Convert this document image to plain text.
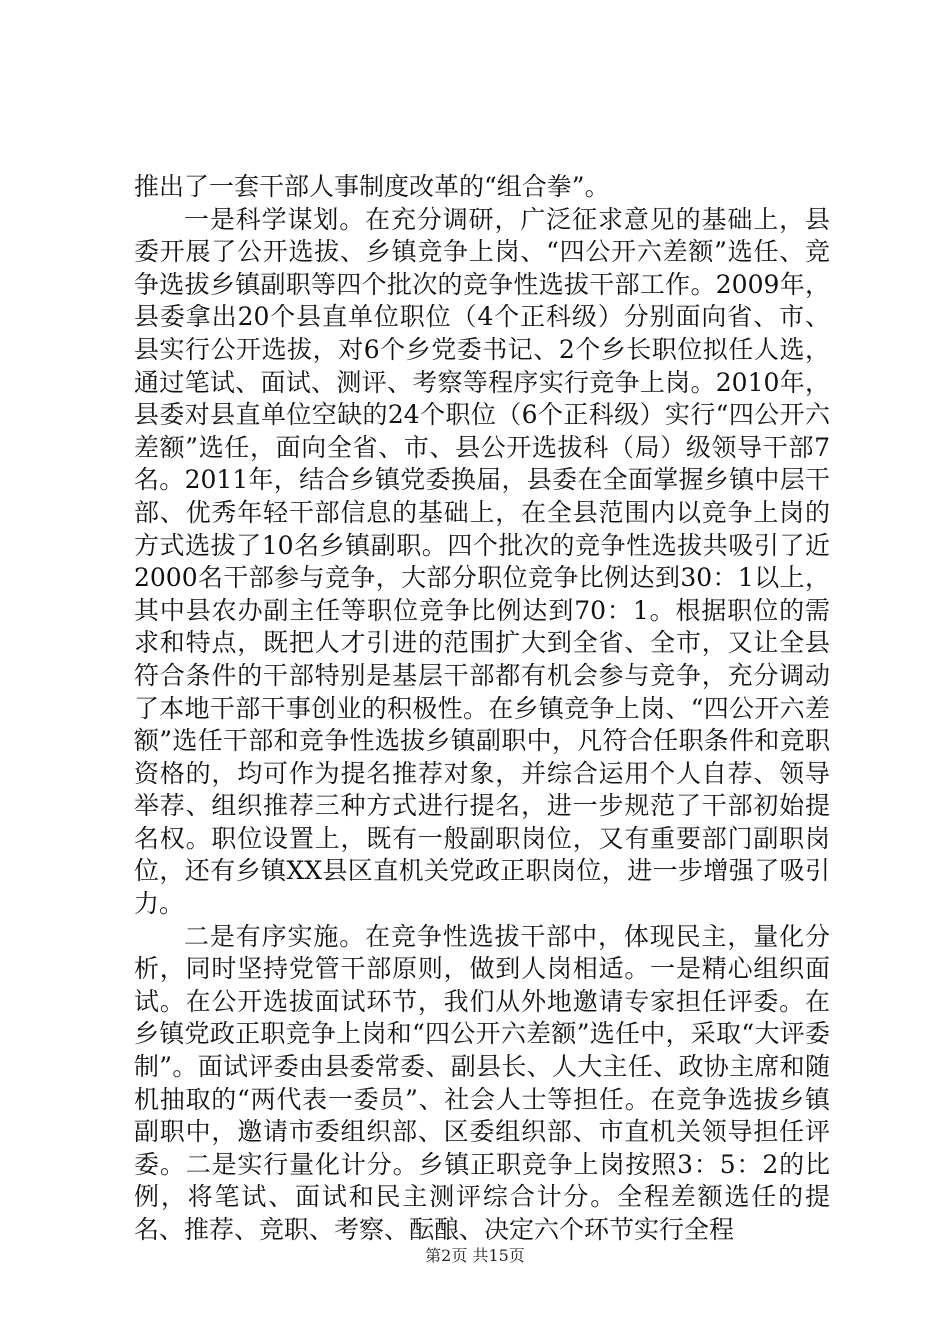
推出了一套干部人事制度改革的“组合拳”。

一是科学谋划。在充分调研，广泛征求意见的基础上，县委开展了公开选拔、乡镇竞争上岗、“四公开六差额”选任、竞争选拔乡镇副职等四个批次的竞争性选拔干部工作。2009年，县委拿出20个县直单位职位（4个正科级）分别面向省、市、县实行公开选拔，对6个乡党委书记、2个乡长职位拟任人选，通过笔试、面试、测评、考察等程序实行竞争上岗。2010年，县委对县直单位空缺的24个职位（6个正科级）实行“四公开六差额”选任，面向全省、市、县公开选拔科（局）级领导干部7名。2011年，结合乡镇党委换届，县委在全面掌握乡镇中层干部、优秀年轻干部信息的基础上，在全县范围内以竞争上岗的方式选拔了10名乡镇副职。四个批次的竞争性选拔共吸引了近2000名干部参与竞争，大部分职位竞争比例达到30：1以上，其中县农办副主任等职位竞争比例达到70：1。根据职位的需求和特点，既把人才引进的范围扩大到全省、全市，又让全县符合条件的干部特别是基层干部都有机会参与竞争，充分调动了本地干部干事创业的积极性。在乡镇竞争上岗、“四公开六差额”选任干部和竞争性选拔乡镇副职中，凡符合任职条件和竞职资格的，均可作为提名推荐对象，并综合运用个人自荐、领导举荐、组织推荐三种方式进行提名，进一步规范了干部初始提名权。职位设置上，既有一般副职岗位，又有重要部门副职岗位，还有乡镇XX县区直机关党政正职岗位，进一步增强了吸引力。

二是有序实施。在竞争性选拔干部中，体现民主，量化分析，同时坚持党管干部原则，做到人岗相适。一是精心组织面试。在公开选拔面试环节，我们从外地邀请专家担任评委。在乡镇党政正职竞争上岗和“四公开六差额”选任中，采取“大评委制”。面试评委由县委常委、副县长、人大主任、政协主席和随机抽取的“两代表一委员”、社会人士等担任。在竞争选拔乡镇副职中，邀请市委组织部、区委组织部、市直机关领导担任评委。二是实行量化计分。乡镇正职竞争上岗按照3：5：2的比例，将笔试、面试和民主测评综合计分。全程差额选任的提名、推荐、竞职、考察、酝酿、决定六个环节实行全程

第2页 共15页
